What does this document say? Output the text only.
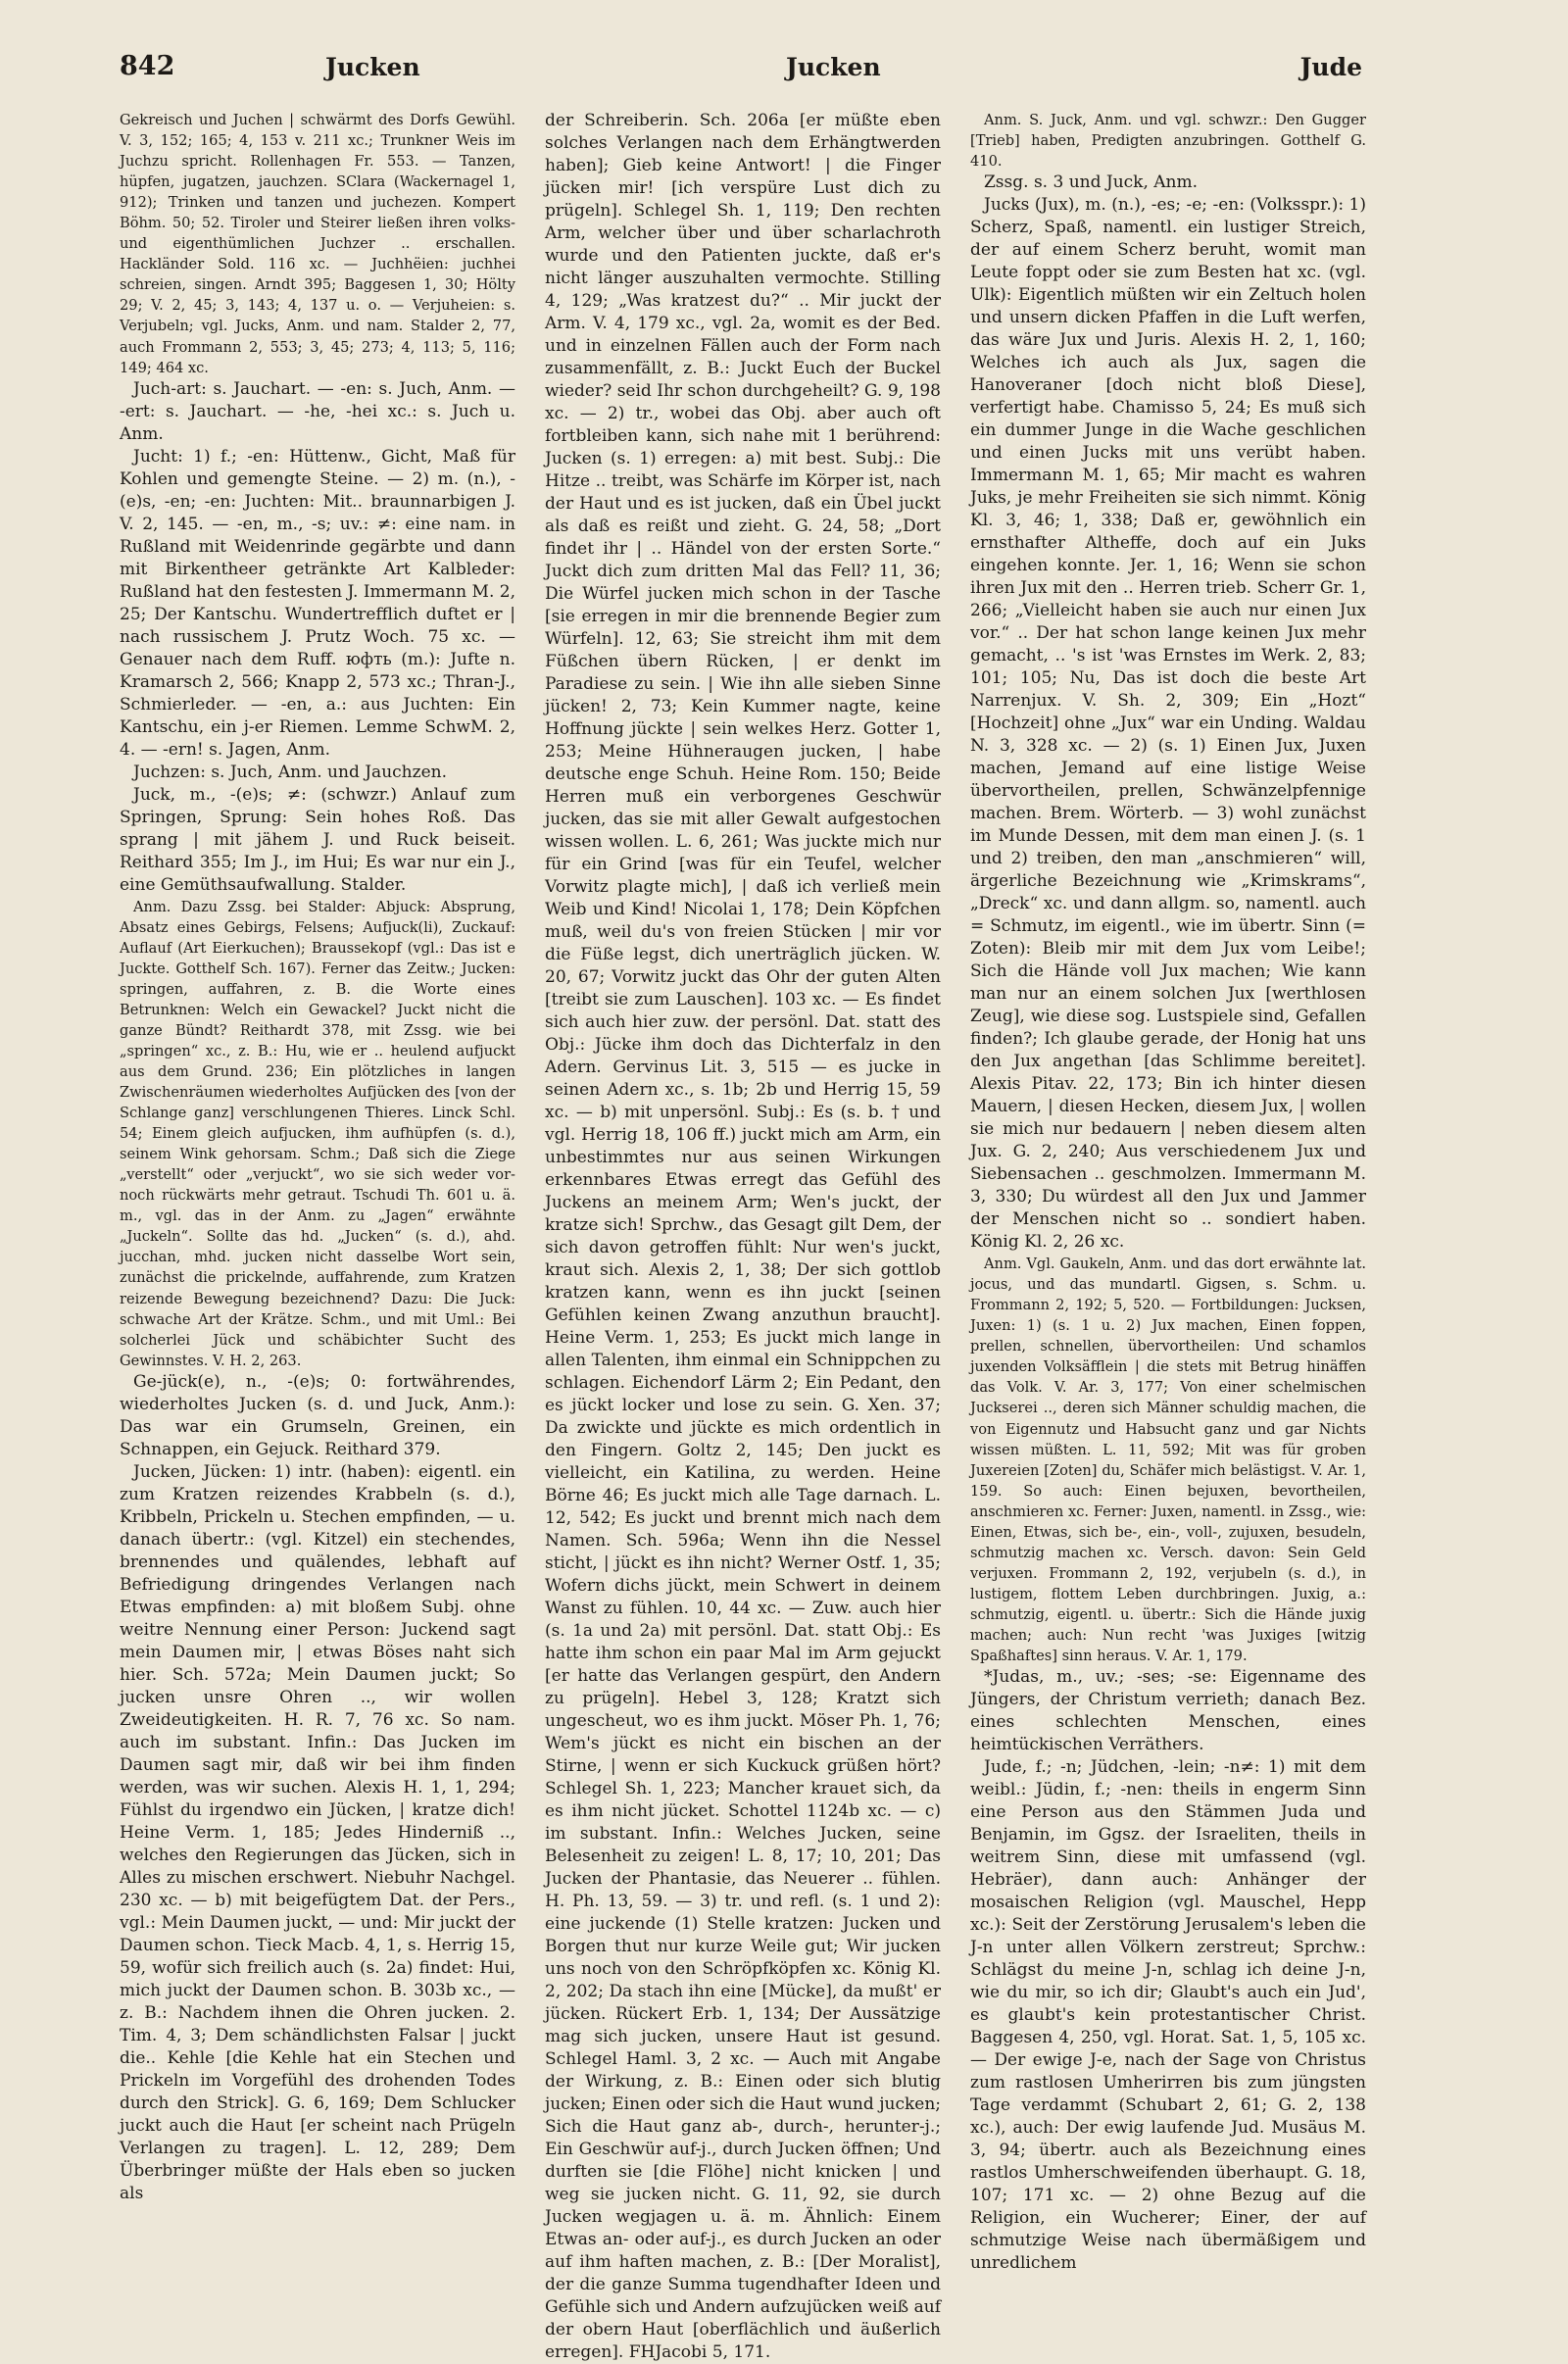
842	Jucken	Jucken	Jude

Gekreisch und Juchen | schwärmt des Dorfs Gewühl. V. 3, 152; 165; 4, 153 v. 211 xc.; Trunkner Weis im Juchzu spricht. Rollenhagen Fr. 553. — Tanzen, hüpfen, jugatzen, jauchzen. SClara (Wackernagel 1, 912); Trinken und tanzen und juchezen. Kompert Böhm. 50; 52. Tiroler und Steirer ließen ihren volks- und eigenthümlichen Juchzer .. erschallen. Hackländer Sold. 116 xc. — Juchhëien: juchhei schreien, singen. Arndt 395; Baggesen 1, 30; Hölty 29; V. 2, 45; 3, 143; 4, 137 u. o. — Verjuheien: s. Verjubeln; vgl. Jucks, Anm. und nam. Stalder 2, 77, auch Frommann 2, 553; 3, 45; 273; 4, 113; 5, 116; 149; 464 xc.

Juch-art: s. Jauchart. — -en: s. Juch, Anm. — -ert: s. Jauchart. — -he, -hei xc.: s. Juch u. Anm.

Jucht: 1) f.; -en: Hüttenw., Gicht, Maß für Kohlen und gemengte Steine. — 2) m. (n.), -(e)s, -en; -en: Juchten: Mit.. braunnarbigen J. V. 2, 145. — -en, m., -s; uv.: ≠: eine nam. in Rußland mit Weidenrinde gegärbte und dann mit Birkentheer getränkte Art Kalbleder: Rußland hat den festesten J. Immermann M. 2, 25; Der Kantschu. Wundertrefflich duftet er | nach russischem J. Prutz Woch. 75 xc. — Genauer nach dem Ruff. юфть (m.): Jufte n. Kramarsch 2, 566; Knapp 2, 573 xc.; Thran-J., Schmierleder. — -en, a.: aus Juchten: Ein Kantschu, ein j-er Riemen. Lemme SchwM. 2, 4. — -ern! s. Jagen, Anm.

Juchzen: s. Juch, Anm. und Jauchzen.

Juck, m., -(e)s; ≠: (schwzr.) Anlauf zum Springen, Sprung: Sein hohes Roß. Das sprang | mit jähem J. und Ruck beiseit. Reithard 355; Im J., im Hui; Es war nur ein J., eine Gemüthsaufwallung. Stalder.

Anm. Dazu Zssg. bei Stalder: Abjuck: Absprung, Absatz eines Gebirgs, Felsens; Aufjuck(li), Zuckauf: Auflauf (Art Eierkuchen); Braussekopf (vgl.: Das ist e Juckte. Gotthelf Sch. 167). Ferner das Zeitw.; Jucken: springen, auffahren, z. B. die Worte eines Betrunknen: Welch ein Gewackel? Juckt nicht die ganze Bündt? Reithardt 378, mit Zssg. wie bei „springen“ xc., z. B.: Hu, wie er .. heulend aufjuckt aus dem Grund. 236; Ein plötzliches in langen Zwischenräumen wiederholtes Aufjücken des [von der Schlange ganz] verschlungenen Thieres. Linck Schl. 54; Einem gleich aufjucken, ihm aufhüpfen (s. d.), seinem Wink gehorsam. Schm.; Daß sich die Ziege „verstellt“ oder „verjuckt“, wo sie sich weder vor- noch rückwärts mehr getraut. Tschudi Th. 601 u. ä. m., vgl. das in der Anm. zu „Jagen“ erwähnte „Juckeln“. Sollte das hd. „Jucken“ (s. d.), ahd. jucchan, mhd. jucken nicht dasselbe Wort sein, zunächst die prickelnde, auffahrende, zum Kratzen reizende Bewegung bezeichnend? Dazu: Die Juck: schwache Art der Krätze. Schm., und mit Uml.: Bei solcherlei Jück und schäbichter Sucht des Gewinnstes. V. H. 2, 263.

Ge-jück(e), n., -(e)s; 0: fortwährendes, wiederholtes Jucken (s. d. und Juck, Anm.): Das war ein Grumseln, Greinen, ein Schnappen, ein Gejuck. Reithard 379.

Jucken, Jücken: 1) intr. (haben): eigentl. ein zum Kratzen reizendes Krabbeln (s. d.), Kribbeln, Prickeln u. Stechen empfinden, — u. danach übertr.: (vgl. Kitzel) ein stechendes, brennendes und quälendes, lebhaft auf Befriedigung dringendes Verlangen nach Etwas empfinden: a) mit bloßem Subj. ohne weitre Nennung einer Person: Juckend sagt mein Daumen mir, | etwas Böses naht sich hier. Sch. 572a; Mein Daumen juckt; So jucken unsre Ohren .., wir wollen Zweideutigkeiten. H. R. 7, 76 xc. So nam. auch im substant. Infin.: Das Jucken im Daumen sagt mir, daß wir bei ihm finden werden, was wir suchen. Alexis H. 1, 1, 294; Fühlst du irgendwo ein Jücken, | kratze dich! Heine Verm. 1, 185; Jedes Hinderniß .., welches den Regierungen das Jücken, sich in Alles zu mischen erschwert. Niebuhr Nachgel. 230 xc. — b) mit beigefügtem Dat. der Pers., vgl.: Mein Daumen juckt, — und: Mir juckt der Daumen schon. Tieck Macb. 4, 1, s. Herrig 15, 59, wofür sich freilich auch (s. 2a) findet: Hui, mich juckt der Daumen schon. B. 303b xc., — z. B.: Nachdem ihnen die Ohren jucken. 2. Tim. 4, 3; Dem schändlichsten Falsar | juckt die.. Kehle [die Kehle hat ein Stechen und Prickeln im Vorgefühl des drohenden Todes durch den Strick]. G. 6, 169; Dem Schlucker juckt auch die Haut [er scheint nach Prügeln Verlangen zu tragen]. L. 12, 289; Dem Überbringer müßte der Hals eben so jucken als

der Schreiberin. Sch. 206a [er müßte eben solches Verlangen nach dem Erhängtwerden haben]; Gieb keine Antwort! | die Finger jücken mir! [ich verspüre Lust dich zu prügeln]. Schlegel Sh. 1, 119; Den rechten Arm, welcher über und über scharlachroth wurde und den Patienten juckte, daß er's nicht länger auszuhalten vermochte. Stilling 4, 129; „Was kratzest du?“ .. Mir juckt der Arm. V. 4, 179 xc., vgl. 2a, womit es der Bed. und in einzelnen Fällen auch der Form nach zusammenfällt, z. B.: Juckt Euch der Buckel wieder? seid Ihr schon durchgeheilt? G. 9, 198 xc. — 2) tr., wobei das Obj. aber auch oft fortbleiben kann, sich nahe mit 1 berührend: Jucken (s. 1) erregen: a) mit best. Subj.: Die Hitze .. treibt, was Schärfe im Körper ist, nach der Haut und es ist jucken, daß ein Übel juckt als daß es reißt und zieht. G. 24, 58; „Dort findet ihr | .. Händel von der ersten Sorte.“ Juckt dich zum dritten Mal das Fell? 11, 36; Die Würfel jucken mich schon in der Tasche [sie erregen in mir die brennende Begier zum Würfeln]. 12, 63; Sie streicht ihm mit dem Füßchen übern Rücken, | er denkt im Paradiese zu sein. | Wie ihn alle sieben Sinne jücken! 2, 73; Kein Kummer nagte, keine Hoffnung jückte | sein welkes Herz. Gotter 1, 253; Meine Hühneraugen jucken, | habe deutsche enge Schuh. Heine Rom. 150; Beide Herren muß ein verborgenes Geschwür jucken, das sie mit aller Gewalt aufgestochen wissen wollen. L. 6, 261; Was juckte mich nur für ein Grind [was für ein Teufel, welcher Vorwitz plagte mich], | daß ich verließ mein Weib und Kind! Nicolai 1, 178; Dein Köpfchen muß, weil du's von freien Stücken | mir vor die Füße legst, dich unerträglich jücken. W. 20, 67; Vorwitz juckt das Ohr der guten Alten [treibt sie zum Lauschen]. 103 xc. — Es findet sich auch hier zuw. der persönl. Dat. statt des Obj.: Jücke ihm doch das Dichterfalz in den Adern. Gervinus Lit. 3, 515 — es jucke in seinen Adern xc., s. 1b; 2b und Herrig 15, 59 xc. — b) mit unpersönl. Subj.: Es (s. b. † und vgl. Herrig 18, 106 ff.) juckt mich am Arm, ein unbestimmtes nur aus seinen Wirkungen erkennbares Etwas erregt das Gefühl des Juckens an meinem Arm; Wen's juckt, der kratze sich! Sprchw., das Gesagt gilt Dem, der sich davon getroffen fühlt: Nur wen's juckt, kraut sich. Alexis 2, 1, 38; Der sich gottlob kratzen kann, wenn es ihn juckt [seinen Gefühlen keinen Zwang anzuthun braucht]. Heine Verm. 1, 253; Es juckt mich lange in allen Talenten, ihm einmal ein Schnippchen zu schlagen. Eichendorf Lärm 2; Ein Pedant, den es jückt locker und lose zu sein. G. Xen. 37; Da zwickte und jückte es mich ordentlich in den Fingern. Goltz 2, 145; Den juckt es vielleicht, ein Katilina, zu werden. Heine Börne 46; Es juckt mich alle Tage darnach. L. 12, 542; Es juckt und brennt mich nach dem Namen. Sch. 596a; Wenn ihn die Nessel sticht, | jückt es ihn nicht? Werner Ostf. 1, 35; Wofern dichs jückt, mein Schwert in deinem Wanst zu fühlen. 10, 44 xc. — Zuw. auch hier (s. 1a und 2a) mit persönl. Dat. statt Obj.: Es hatte ihm schon ein paar Mal im Arm gejuckt [er hatte das Verlangen gespürt, den Andern zu prügeln]. Hebel 3, 128; Kratzt sich ungescheut, wo es ihm juckt. Möser Ph. 1, 76; Wem's jückt es nicht ein bischen an der Stirne, | wenn er sich Kuckuck grüßen hört? Schlegel Sh. 1, 223; Mancher krauet sich, da es ihm nicht jücket. Schottel 1124b xc. — c) im substant. Infin.: Welches Jucken, seine Belesenheit zu zeigen! L. 8, 17; 10, 201; Das Jucken der Phantasie, das Neuerer .. fühlen. H. Ph. 13, 59. — 3) tr. und refl. (s. 1 und 2): eine juckende (1) Stelle kratzen: Jucken und Borgen thut nur kurze Weile gut; Wir jucken uns noch von den Schröpfköpfen xc. König Kl. 2, 202; Da stach ihn eine [Mücke], da mußt' er jücken. Rückert Erb. 1, 134; Der Aussätzige mag sich jucken, unsere Haut ist gesund. Schlegel Haml. 3, 2 xc. — Auch mit Angabe der Wirkung, z. B.: Einen oder sich blutig jucken; Einen oder sich die Haut wund jucken; Sich die Haut ganz ab-, durch-, herunter-j.; Ein Geschwür auf-j., durch Jucken öffnen; Und durften sie [die Flöhe] nicht knicken | und weg sie jucken nicht. G. 11, 92, sie durch Jucken wegjagen u. ä. m. Ähnlich: Einem Etwas an- oder auf-j., es durch Jucken an oder auf ihm haften machen, z. B.: [Der Moralist], der die ganze Summa tugendhafter Ideen und Gefühle sich und Andern aufzujücken weiß auf der obern Haut [oberflächlich und äußerlich erregen]. FHJacobi 5, 171.

Anm. S. Juck, Anm. und vgl. schwzr.: Den Gugger [Trieb] haben, Predigten anzubringen. Gotthelf G. 410.

Zssg. s. 3 und Juck, Anm.

Jucks (Jux), m. (n.), -es; -e; -en: (Volksspr.): 1) Scherz, Spaß, namentl. ein lustiger Streich, der auf einem Scherz beruht, womit man Leute foppt oder sie zum Besten hat xc. (vgl. Ulk): Eigentlich müßten wir ein Zeltuch holen und unsern dicken Pfaffen in die Luft werfen, das wäre Jux und Juris. Alexis H. 2, 1, 160; Welches ich auch als Jux, sagen die Hanoveraner [doch nicht bloß Diese], verfertigt habe. Chamisso 5, 24; Es muß sich ein dummer Junge in die Wache geschlichen und einen Jucks mit uns verübt haben. Immermann M. 1, 65; Mir macht es wahren Juks, je mehr Freiheiten sie sich nimmt. König Kl. 3, 46; 1, 338; Daß er, gewöhnlich ein ernsthafter Altheffe, doch auf ein Juks eingehen konnte. Jer. 1, 16; Wenn sie schon ihren Jux mit den .. Herren trieb. Scherr Gr. 1, 266; „Vielleicht haben sie auch nur einen Jux vor.“ .. Der hat schon lange keinen Jux mehr gemacht, .. 's ist 'was Ernstes im Werk. 2, 83; 101; 105; Nu, Das ist doch die beste Art Narrenjux. V. Sh. 2, 309; Ein „Hozt“ [Hochzeit] ohne „Jux“ war ein Unding. Waldau N. 3, 328 xc. — 2) (s. 1) Einen Jux, Juxen machen, Jemand auf eine listige Weise übervortheilen, prellen, Schwänzelpfennige machen. Brem. Wörterb. — 3) wohl zunächst im Munde Dessen, mit dem man einen J. (s. 1 und 2) treiben, den man „anschmieren“ will, ärgerliche Bezeichnung wie „Krimskrams“, „Dreck“ xc. und dann allgm. so, namentl. auch = Schmutz, im eigentl., wie im übertr. Sinn (= Zoten): Bleib mir mit dem Jux vom Leibe!; Sich die Hände voll Jux machen; Wie kann man nur an einem solchen Jux [werthlosen Zeug], wie diese sog. Lustspiele sind, Gefallen finden?; Ich glaube gerade, der Honig hat uns den Jux angethan [das Schlimme bereitet]. Alexis Pitav. 22, 173; Bin ich hinter diesen Mauern, | diesen Hecken, diesem Jux, | wollen sie mich nur bedauern | neben diesem alten Jux. G. 2, 240; Aus verschiedenem Jux und Siebensachen .. geschmolzen. Immermann M. 3, 330; Du würdest all den Jux und Jammer der Menschen nicht so .. sondiert haben. König Kl. 2, 26 xc.

Anm. Vgl. Gaukeln, Anm. und das dort erwähnte lat. jocus, und das mundartl. Gigsen, s. Schm. u. Frommann 2, 192; 5, 520. — Fortbildungen: Jucksen, Juxen: 1) (s. 1 u. 2) Jux machen, Einen foppen, prellen, schnellen, übervortheilen: Und schamlos juxenden Volksäfflein | die stets mit Betrug hinäffen das Volk. V. Ar. 3, 177; Von einer schelmischen Juckserei .., deren sich Männer schuldig machen, die von Eigennutz und Habsucht ganz und gar Nichts wissen müßten. L. 11, 592; Mit was für groben Juxereien [Zoten] du, Schäfer mich belästigst. V. Ar. 1, 159. So auch: Einen bejuxen, bevortheilen, anschmieren xc. Ferner: Juxen, namentl. in Zssg., wie: Einen, Etwas, sich be-, ein-, voll-, zujuxen, besudeln, schmutzig machen xc. Versch. davon: Sein Geld verjuxen. Frommann 2, 192, verjubeln (s. d.), in lustigem, flottem Leben durchbringen. Juxig, a.: schmutzig, eigentl. u. übertr.: Sich die Hände juxig machen; auch: Nun recht 'was Juxiges [witzig Spaßhaftes] sinn heraus. V. Ar. 1, 179.

*Judas, m., uv.; -ses; -se: Eigenname des Jüngers, der Christum verrieth; danach Bez. eines schlechten Menschen, eines heimtückischen Verräthers.

Jude, f.; -n; Jüdchen, -lein; -n≠: 1) mit dem weibl.: Jüdin, f.; -nen: theils in engerm Sinn eine Person aus den Stämmen Juda und Benjamin, im Ggsz. der Israeliten, theils in weitrem Sinn, diese mit umfassend (vgl. Hebräer), dann auch: Anhänger der mosaischen Religion (vgl. Mauschel, Hepp xc.): Seit der Zerstörung Jerusalem's leben die J-n unter allen Völkern zerstreut; Sprchw.: Schlägst du meine J-n, schlag ich deine J-n, wie du mir, so ich dir; Glaubt's auch ein Jud', es glaubt's kein protestantischer Christ. Baggesen 4, 250, vgl. Horat. Sat. 1, 5, 105 xc. — Der ewige J-e, nach der Sage von Christus zum rastlosen Umherirren bis zum jüngsten Tage verdammt (Schubart 2, 61; G. 2, 138 xc.), auch: Der ewig laufende Jud. Musäus M. 3, 94; übertr. auch als Bezeichnung eines rastlos Umherschweifenden überhaupt. G. 18, 107; 171 xc. — 2) ohne Bezug auf die Religion, ein Wucherer; Einer, der auf schmutzige Weise nach übermäßigem und unredlichem
